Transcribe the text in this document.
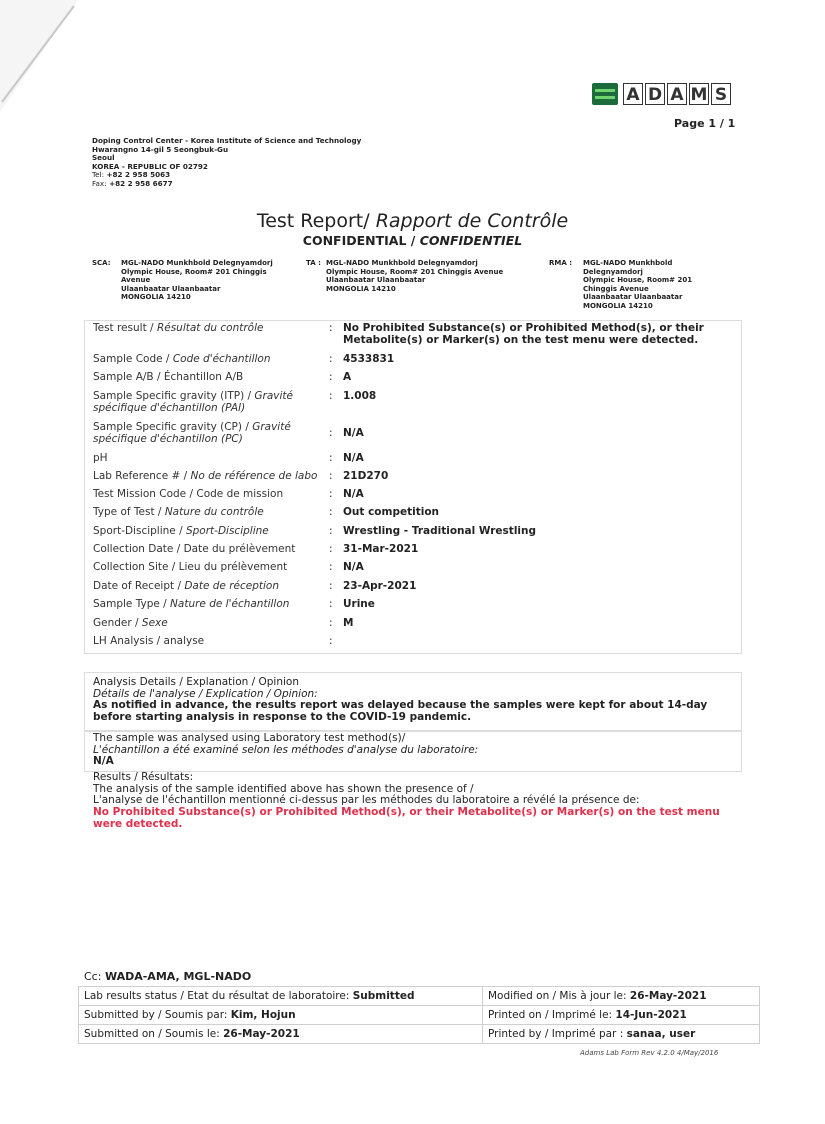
A D A M S
Page 1 / 1
Doping Control Center - Korea Institute of Science and Technology
Hwarangno 14-gil 5 Seongbuk-Gu
Seoul
KOREA - REPUBLIC OF 02792
Tel: +82 2 958 5063
Fax: +82 2 958 6677
Test Report/ Rapport de Contrôle
CONFIDENTIAL / CONFIDENTIEL
SCA: MGL-NADO Munkhbold Delegnyamdorj
Olympic House, Room# 201 Chinggis
Avenue
Ulaanbaatar Ulaanbaatar
MONGOLIA 14210
TA : MGL-NADO Munkhbold Delegnyamdorj
Olympic House, Room# 201 Chinggis Avenue
Ulaanbaatar Ulaanbaatar
MONGOLIA 14210
RMA : MGL-NADO Munkhbold
Delegnyamdorj
Olympic House, Room# 201
Chinggis Avenue
Ulaanbaatar Ulaanbaatar
MONGOLIA 14210
Test result / Résultat du contrôle	: No Prohibited Substance(s) or Prohibited Method(s), or their Metabolite(s) or Marker(s) on the test menu were detected.
Sample Code / Code d'échantillon	: 4533831
Sample A/B / Échantillon A/B	: A
Sample Specific gravity (ITP) / Gravité spécifique d'échantillon (PAI)
: 1.008
Sample Specific gravity (CP) / Gravité spécifique d'échantillon (PC)	: N/A
pH	: N/A
Lab Reference # / No de référence de labo	: 21D270
Test Mission Code / Code de mission	: N/A
Type of Test / Nature du contrôle	: Out competition
Sport-Discipline / Sport-Discipline	: Wrestling - Traditional Wrestling
Collection Date / Date du prélèvement	: 31-Mar-2021
Collection Site / Lieu du prélèvement	: N/A
Date of Receipt / Date de réception	: 23-Apr-2021
Sample Type / Nature de l'échantillon	: Urine
Gender / Sexe	: M
LH Analysis / analyse	:
Analysis Details / Explanation / Opinion
Détails de l'analyse / Explication / Opinion:
As notified in advance, the results report was delayed because the samples were kept for about 14-day before starting analysis in response to the COVID-19 pandemic.
The sample was analysed using Laboratory test method(s)/
L'échantillon a été examiné selon les méthodes d'analyse du laboratoire:
N/A
Results / Résultats:
The analysis of the sample identified above has shown the presence of /
L'analyse de l'échantillon mentionné ci-dessus par les méthodes du laboratoire a révélé la présence de:
No Prohibited Substance(s) or Prohibited Method(s), or their Metabolite(s) or Marker(s) on the test menu were detected.
Cc: WADA-AMA, MGL-NADO
Lab results status / Etat du résultat de laboratoire: Submitted	Modified on / Mis à jour le: 26-May-2021
Submitted by / Soumis par: Kim, Hojun	Printed on / Imprimé le: 14-Jun-2021
Submitted on / Soumis le: 26-May-2021	Printed by / Imprimé par : sanaa, user
Adams Lab Form Rev 4.2.0 4/May/2016
